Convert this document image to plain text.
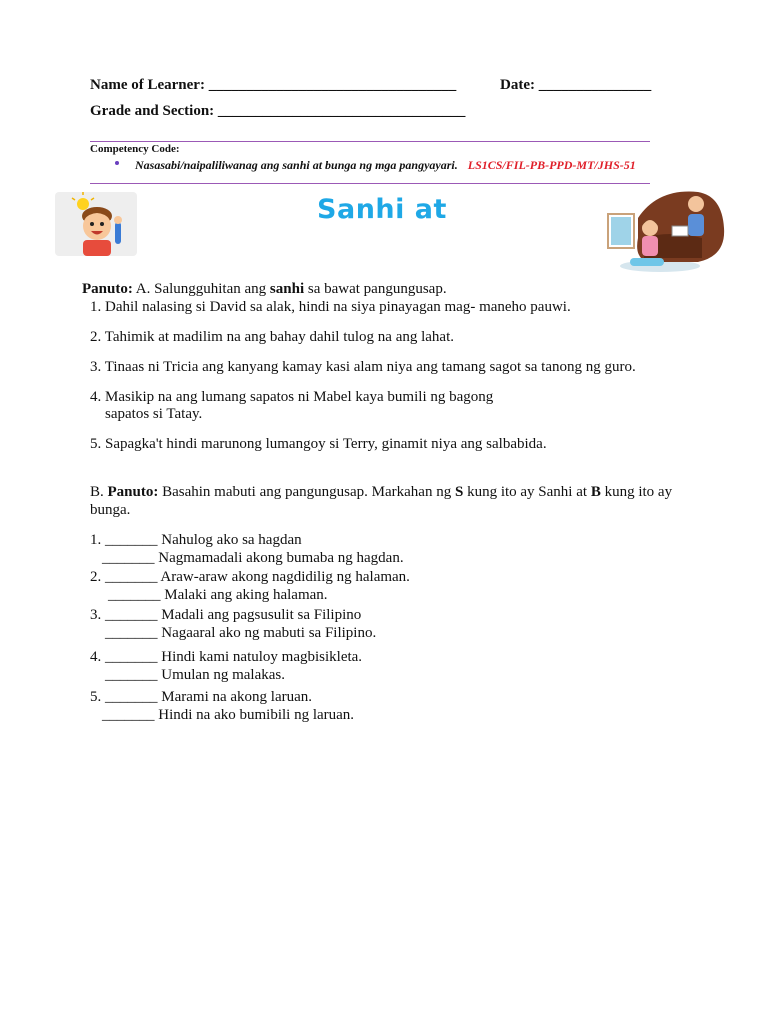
Name of Learner: _________________________________	Date: _______________
Grade and Section: _________________________________
Competency Code:
Nasasabi/naipaliliwanag ang sanhi at bunga ng mga pangyayari. LS1CS/FIL-PB-PPD-MT/JHS-51
Sanhi at
Panuto: A. Salungguhitan ang sanhi sa bawat pangungusap.
1. Dahil nalasing si David sa alak, hindi na siya pinayagan mag- maneho pauwi.
2. Tahimik at madilim na ang bahay dahil tulog na ang lahat.
3. Tinaas ni Tricia ang kanyang kamay kasi alam niya ang tamang sagot sa tanong ng guro.
4. Masikip na ang lumang sapatos ni Mabel kaya bumili ng bagong
sapatos si Tatay.
5. Sapagka't hindi marunong lumangoy si Terry, ginamit niya ang salbabida.
B. Panuto: Basahin mabuti ang pangungusap. Markahan ng S kung ito ay Sanhi at B kung ito ay
bunga.
1. _______ Nahulog ako sa hagdan
_______ Nagmamadali akong bumaba ng hagdan.
2. _______ Araw-araw akong nagdidilig ng halaman.
_______ Malaki ang aking halaman.
3. _______ Madali ang pagsusulit sa Filipino
_______ Nagaaral ako ng mabuti sa Filipino.
4. _______ Hindi kami natuloy magbisikleta.
_______ Umulan ng malakas.
5. _______ Marami na akong laruan.
_______ Hindi na ako bumibili ng laruan.
